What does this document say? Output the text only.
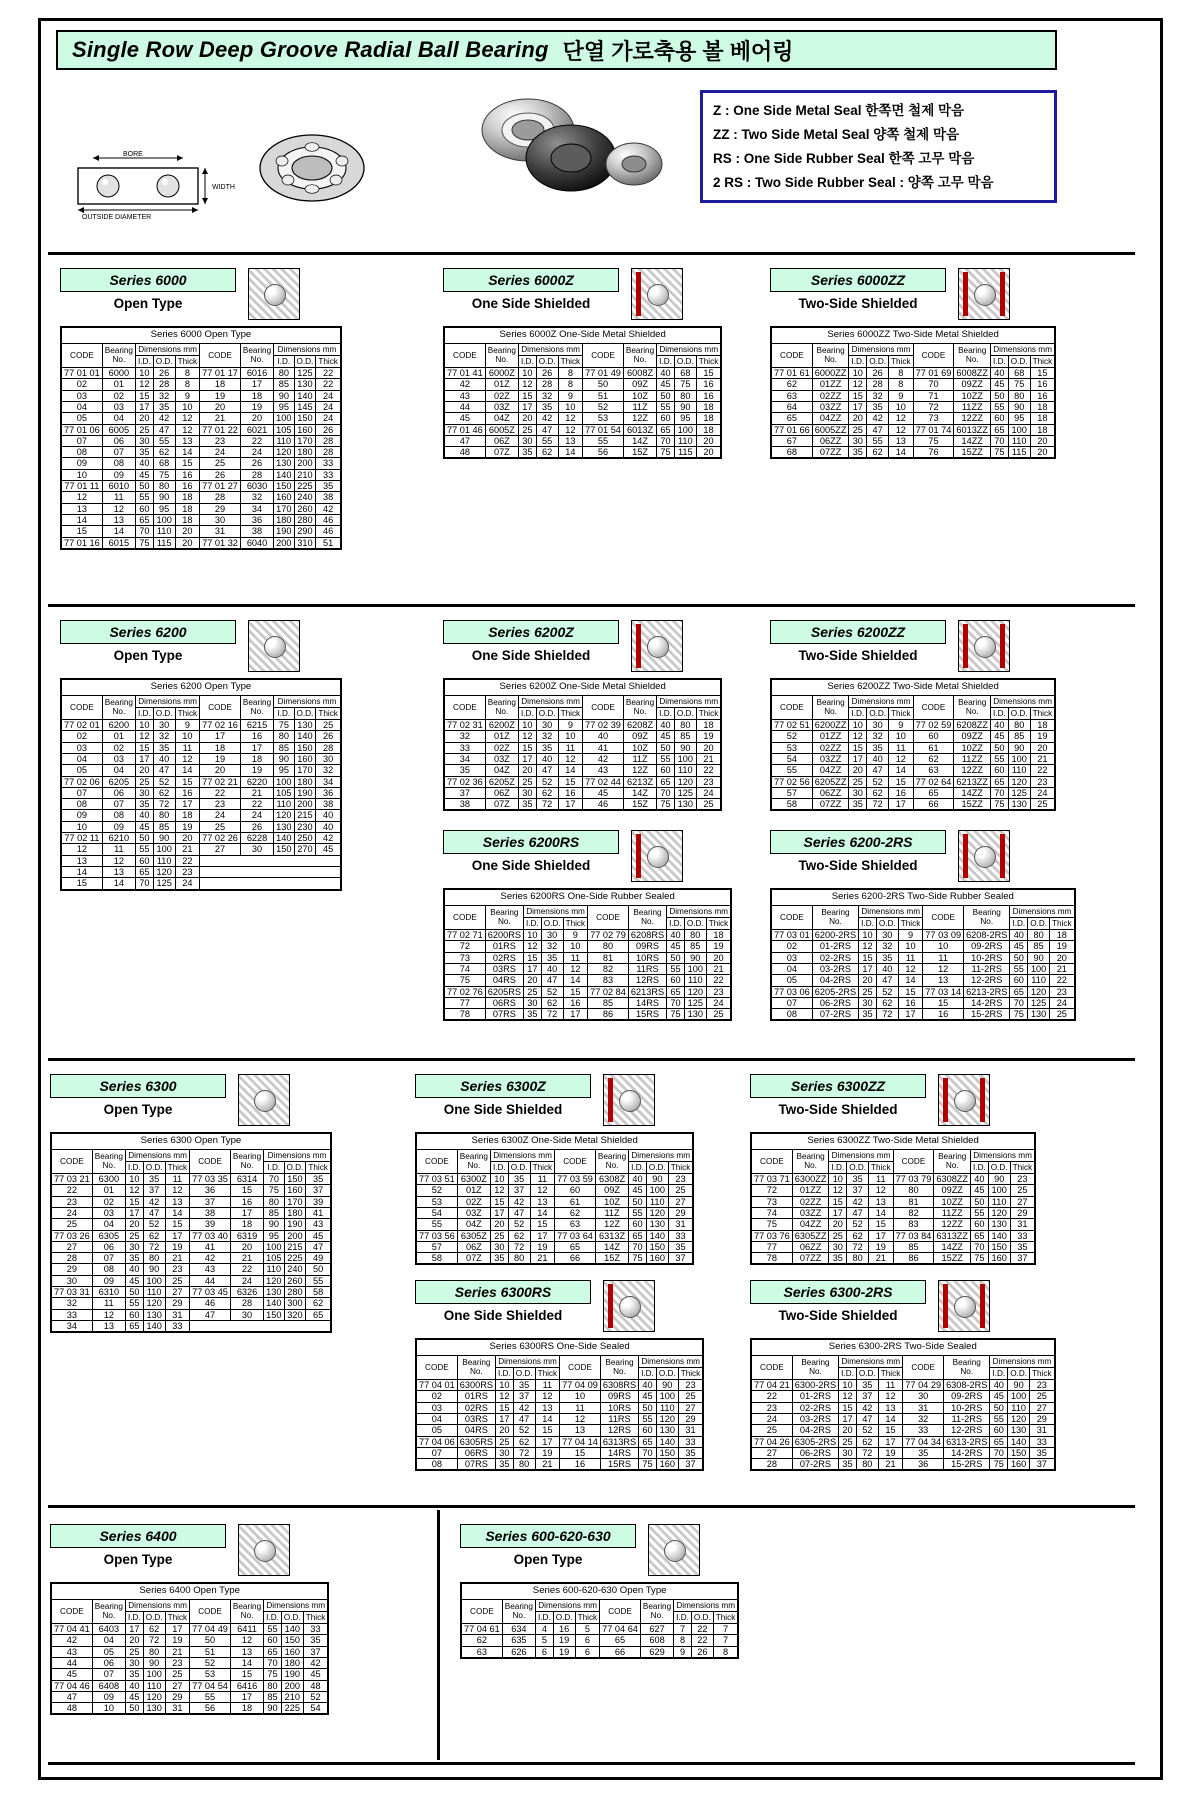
Single Row Deep Groove Radial Ball Bearing 단열 가로축용 볼 베어링
BORE
WIDTH
OUTSIDE DIAMETER
Z : One Side Metal Seal 한쪽면 철제 막음
ZZ : Two Side Metal Seal 양쪽 철제 막음
RS : One Side Rubber Seal 한쪽 고무 막음
2 RS : Two Side Rubber Seal : 양쪽 고무 막음
Series 6000
Open Type
Series 6000 Open Type									
CODE	Bearing
No.	Dimensions mm			CODE	Bearing
No.	Dimensions mm		
		I.D.	O.D.	Thick			I.D.	O.D.	Thick
77 01 01	6000	10	26	8	77 01 17	6016	80	125	22
02	01	12	28	8	18	17	85	130	22
03	02	15	32	9	19	18	90	140	24
04	03	17	35	10	20	19	95	145	24
05	04	20	42	12	21	20	100	150	24
77 01 06	6005	25	47	12	77 01 22	6021	105	160	26
07	06	30	55	13	23	22	110	170	28
08	07	35	62	14	24	24	120	180	28
09	08	40	68	15	25	26	130	200	33
10	09	45	75	16	26	28	140	210	33
77 01 11	6010	50	80	16	77 01 27	6030	150	225	35
12	11	55	90	18	28	32	160	240	38
13	12	60	95	18	29	34	170	260	42
14	13	65	100	18	30	36	180	280	46
15	14	70	110	20	31	38	190	290	46
77 01 16	6015	75	115	20	77 01 32	6040	200	310	51
Series 6000Z
One Side Shielded
Series 6000Z One-Side Metal Shielded									
CODE	Bearing
No.	Dimensions mm			CODE	Bearing
No.	Dimensions mm		
		I.D.	O.D.	Thick			I.D.	O.D.	Thick
77 01 41	6000Z	10	26	8	77 01 49	6008Z	40	68	15
42	01Z	12	28	8	50	09Z	45	75	16
43	02Z	15	32	9	51	10Z	50	80	16
44	03Z	17	35	10	52	11Z	55	90	18
45	04Z	20	42	12	53	12Z	60	95	18
77 01 46	6005Z	25	47	12	77 01 54	6013Z	65	100	18
47	06Z	30	55	13	55	14Z	70	110	20
48	07Z	35	62	14	56	15Z	75	115	20
Series 6000ZZ
Two-Side Shielded
Series 6000ZZ Two-Side Metal Shielded									
CODE	Bearing
No.	Dimensions mm			CODE	Bearing
No.	Dimensions mm		
		I.D.	O.D.	Thick			I.D.	O.D.	Thick
77 01 61	6000ZZ	10	26	8	77 01 69	6008ZZ	40	68	15
62	01ZZ	12	28	8	70	09ZZ	45	75	16
63	02ZZ	15	32	9	71	10ZZ	50	80	16
64	03ZZ	17	35	10	72	11ZZ	55	90	18
65	04ZZ	20	42	12	73	12ZZ	60	95	18
77 01 66	6005ZZ	25	47	12	77 01 74	6013ZZ	65	100	18
67	06ZZ	30	55	13	75	14ZZ	70	110	20
68	07ZZ	35	62	14	76	15ZZ	75	115	20
Series 6200
Open Type
Series 6200 Open Type									
CODE	Bearing
No.	Dimensions mm			CODE	Bearing
No.	Dimensions mm		
		I.D.	O.D.	Thick			I.D.	O.D.	Thick
77 02 01	6200	10	30	9	77 02 16	6215	75	130	25
02	01	12	32	10	17	16	80	140	26
03	02	15	35	11	18	17	85	150	28
04	03	17	40	12	19	18	90	160	30
05	04	20	47	14	20	19	95	170	32
77 02 06	6205	25	52	15	77 02 21	6220	100	180	34
07	06	30	62	16	22	21	105	190	36
08	07	35	72	17	23	22	110	200	38
09	08	40	80	18	24	24	120	215	40
10	09	45	85	19	25	26	130	230	40
77 02 11	6210	50	90	20	77 02 26	6228	140	250	42
12	11	55	100	21	27	30	150	270	45
13	12	60	110	22					
14	13	65	120	23					
15	14	70	125	24					
Series 6200Z
One Side Shielded
Series 6200Z One-Side Metal Shielded									
CODE	Bearing
No.	Dimensions mm			CODE	Bearing
No.	Dimensions mm		
		I.D.	O.D.	Thick			I.D.	O.D.	Thick
77 02 31	6200Z	10	30	9	77 02 39	6208Z	40	80	18
32	01Z	12	32	10	40	09Z	45	85	19
33	02Z	15	35	11	41	10Z	50	90	20
34	03Z	17	40	12	42	11Z	55	100	21
35	04Z	20	47	14	43	12Z	60	110	22
77 02 36	6205Z	25	52	15	77 02 44	6213Z	65	120	23
37	06Z	30	62	16	45	14Z	70	125	24
38	07Z	35	72	17	46	15Z	75	130	25
Series 6200ZZ
Two-Side Shielded
Series 6200ZZ Two-Side Metal Shielded									
CODE	Bearing
No.	Dimensions mm			CODE	Bearing
No.	Dimensions mm		
		I.D.	O.D.	Thick			I.D.	O.D.	Thick
77 02 51	6200ZZ	10	30	9	77 02 59	6208ZZ	40	80	18
52	01ZZ	12	32	10	60	09ZZ	45	85	19
53	02ZZ	15	35	11	61	10ZZ	50	90	20
54	03ZZ	17	40	12	62	11ZZ	55	100	21
55	04ZZ	20	47	14	63	12ZZ	60	110	22
77 02 56	6205ZZ	25	52	15	77 02 64	6213ZZ	65	120	23
57	06ZZ	30	62	16	65	14ZZ	70	125	24
58	07ZZ	35	72	17	66	15ZZ	75	130	25
Series 6200RS
One Side Shielded
Series 6200RS One-Side Rubber Sealed									
CODE	Bearing
No.	Dimensions mm			CODE	Bearing
No.	Dimensions mm		
		I.D.	O.D.	Thick			I.D.	O.D.	Thick
77 02 71	6200RS	10	30	9	77 02 79	6208RS	40	80	18
72	01RS	12	32	10	80	09RS	45	85	19
73	02RS	15	35	11	81	10RS	50	90	20
74	03RS	17	40	12	82	11RS	55	100	21
75	04RS	20	47	14	83	12RS	60	110	22
77 02 76	6205RS	25	52	15	77 02 84	6213RS	65	120	23
77	06RS	30	62	16	85	14RS	70	125	24
78	07RS	35	72	17	86	15RS	75	130	25
Series 6200-2RS
Two-Side Shielded
Series 6200-2RS Two-Side Rubber Sealed									
CODE	Bearing
No.	Dimensions mm			CODE	Bearing
No.	Dimensions mm		
		I.D.	O.D.	Thick			I.D.	O.D.	Thick
77 03 01	6200-2RS	10	30	9	77 03 09	6208-2RS	40	80	18
02	01-2RS	12	32	10	10	09-2RS	45	85	19
03	02-2RS	15	35	11	11	10-2RS	50	90	20
04	03-2RS	17	40	12	12	11-2RS	55	100	21
05	04-2RS	20	47	14	13	12-2RS	60	110	22
77 03 06	6205-2RS	25	52	15	77 03 14	6213-2RS	65	120	23
07	06-2RS	30	62	16	15	14-2RS	70	125	24
08	07-2RS	35	72	17	16	15-2RS	75	130	25
Series 6300
Open Type
Series 6300 Open Type									
CODE	Bearing
No.	Dimensions mm			CODE	Bearing
No.	Dimensions mm		
		I.D.	O.D.	Thick			I.D.	O.D.	Thick
77 03 21	6300	10	35	11	77 03 35	6314	70	150	35
22	01	12	37	12	36	15	75	160	37
23	02	15	42	13	37	16	80	170	39
24	03	17	47	14	38	17	85	180	41
25	04	20	52	15	39	18	90	190	43
77 03 26	6305	25	62	17	77 03 40	6319	95	200	45
27	06	30	72	19	41	20	100	215	47
28	07	35	80	21	42	21	105	225	49
29	08	40	90	23	43	22	110	240	50
30	09	45	100	25	44	24	120	260	55
77 03 31	6310	50	110	27	77 03 45	6326	130	280	58
32	11	55	120	29	46	28	140	300	62
33	12	60	130	31	47	30	150	320	65
34	13	65	140	33					
Series 6300Z
One Side Shielded
Series 6300Z One-Side Metal Shielded									
CODE	Bearing
No.	Dimensions mm			CODE	Bearing
No.	Dimensions mm		
		I.D.	O.D.	Thick			I.D.	O.D.	Thick
77 03 51	6300Z	10	35	11	77 03 59	6308Z	40	90	23
52	01Z	12	37	12	60	09Z	45	100	25
53	02Z	15	42	13	61	10Z	50	110	27
54	03Z	17	47	14	62	11Z	55	120	29
55	04Z	20	52	15	63	12Z	60	130	31
77 03 56	6305Z	25	62	17	77 03 64	6313Z	65	140	33
57	06Z	30	72	19	65	14Z	70	150	35
58	07Z	35	80	21	66	15Z	75	160	37
Series 6300ZZ
Two-Side Shielded
Series 6300ZZ Two-Side Metal Shielded									
CODE	Bearing
No.	Dimensions mm			CODE	Bearing
No.	Dimensions mm		
		I.D.	O.D.	Thick			I.D.	O.D.	Thick
77 03 71	6300ZZ	10	35	11	77 03 79	6308ZZ	40	90	23
72	01ZZ	12	37	12	80	09ZZ	45	100	25
73	02ZZ	15	42	13	81	10ZZ	50	110	27
74	03ZZ	17	47	14	82	11ZZ	55	120	29
75	04ZZ	20	52	15	83	12ZZ	60	130	31
77 03 76	6305ZZ	25	62	17	77 03 84	6313ZZ	65	140	33
77	06ZZ	30	72	19	85	14ZZ	70	150	35
78	07ZZ	35	80	21	86	15ZZ	75	160	37
Series 6300RS
One Side Shielded
Series 6300RS One-Side Sealed									
CODE	Bearing
No.	Dimensions mm			CODE	Bearing
No.	Dimensions mm		
		I.D.	O.D.	Thick			I.D.	O.D.	Thick
77 04 01	6300RS	10	35	11	77 04 09	6308RS	40	90	23
02	01RS	12	37	12	10	09RS	45	100	25
03	02RS	15	42	13	11	10RS	50	110	27
04	03RS	17	47	14	12	11RS	55	120	29
05	04RS	20	52	15	13	12RS	60	130	31
77 04 06	6305RS	25	62	17	77 04 14	6313RS	65	140	33
07	06RS	30	72	19	15	14RS	70	150	35
08	07RS	35	80	21	16	15RS	75	160	37
Series 6300-2RS
Two-Side Shielded
Series 6300-2RS Two-Side Sealed									
CODE	Bearing
No.	Dimensions mm			CODE	Bearing
No.	Dimensions mm		
		I.D.	O.D.	Thick			I.D.	O.D.	Thick
77 04 21	6300-2RS	10	35	11	77 04 29	6308-2RS	40	90	23
22	01-2RS	12	37	12	30	09-2RS	45	100	25
23	02-2RS	15	42	13	31	10-2RS	50	110	27
24	03-2RS	17	47	14	32	11-2RS	55	120	29
25	04-2RS	20	52	15	33	12-2RS	60	130	31
77 04 26	6305-2RS	25	62	17	77 04 34	6313-2RS	65	140	33
27	06-2RS	30	72	19	35	14-2RS	70	150	35
28	07-2RS	35	80	21	36	15-2RS	75	160	37
Series 6400
Open Type
Series 6400 Open Type									
CODE	Bearing
No.	Dimensions mm			CODE	Bearing
No.	Dimensions mm		
		I.D.	O.D.	Thick			I.D.	O.D.	Thick
77 04 41	6403	17	62	17	77 04 49	6411	55	140	33
42	04	20	72	19	50	12	60	150	35
43	05	25	80	21	51	13	65	160	37
44	06	30	90	23	52	14	70	180	42
45	07	35	100	25	53	15	75	190	45
77 04 46	6408	40	110	27	77 04 54	6416	80	200	48
47	09	45	120	29	55	17	85	210	52
48	10	50	130	31	56	18	90	225	54
Series 600-620-630
Open Type
Series 600-620-630 Open Type									
CODE	Bearing
No.	Dimensions mm			CODE	Bearing
No.	Dimensions mm		
		I.D.	O.D.	Thick			I.D.	O.D.	Thick
77 04 61	634	4	16	5	77 04 64	627	7	22	7
62	635	5	19	6	65	608	8	22	7
63	626	6	19	6	66	629	9	26	8
